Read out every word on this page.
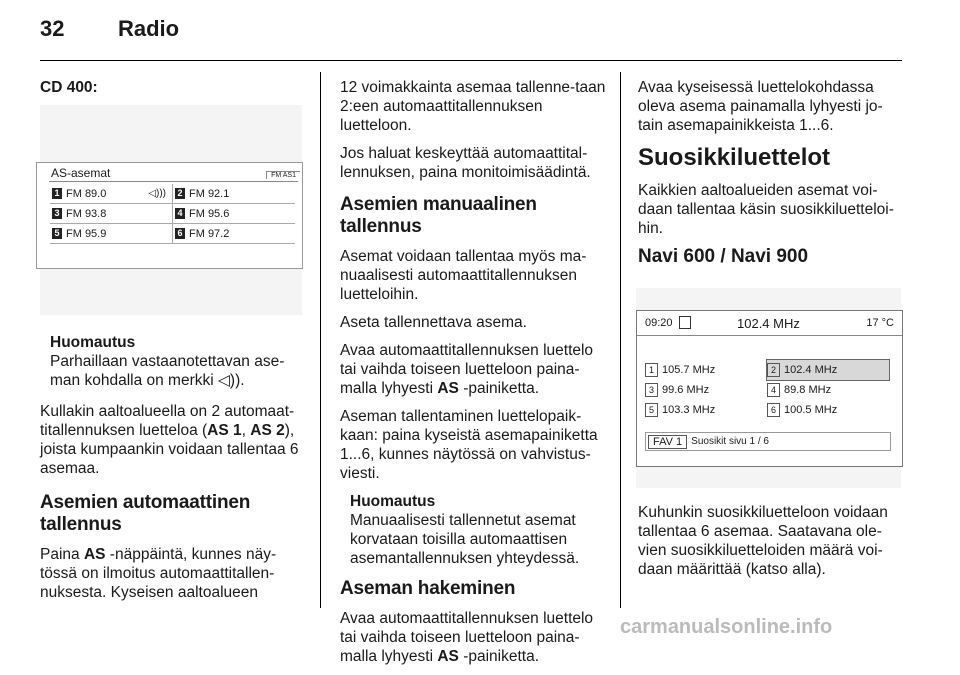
32 Radio

CD 400:

AS-asemat	FM AS1
1 FM 89.0	◁))) 2 FM 92.1
3 FM 93.8	4 FM 95.6
5 FM 95.9	6 FM 97.2
Huomautus
Parhaillaan vastaanotettavan ase-man kohdalla on merkki ◁)).

Kullakin aaltoalueella on 2 automaat-titallennuksen luetteloa (AS 1, AS 2), joista kumpaankin voidaan tallentaa 6 asemaa.

Asemien automaattinen tallennus

Paina AS -näppäintä, kunnes näy-tössä on ilmoitus automaattitallen-nuksesta. Kyseisen aaltoalueen

12 voimakkainta asemaa tallenne-taan 2:een automaattitallennuksen luetteloon.

Jos haluat keskeyttää automaattital-lennuksen, paina monitoimisäädintä.

Asemien manuaalinen tallennus

Asemat voidaan tallentaa myös ma-nuaalisesti automaattitallennuksen luetteloihin.

Aseta tallennettava asema.

Avaa automaattitallennuksen luettelo tai vaihda toiseen luetteloon paina-malla lyhyesti AS -painiketta.

Aseman tallentaminen luettelopaik-kaan: paina kyseistä asemapainiketta 1...6, kunnes näytössä on vahvistus-viesti.

Huomautus
Manuaalisesti tallennetut asemat korvataan toisilla automaattisen asemantallennuksen yhteydessä.

Aseman hakeminen

Avaa automaattitallennuksen luettelo tai vaihda toiseen luetteloon paina-malla lyhyesti AS -painiketta.

Avaa kyseisessä luettelokohdassa oleva asema painamalla lyhyesti jo-tain asemapainikkeista 1...6.

Suosikkiluettelot

Kaikkien aaltoalueiden asemat voi-daan tallentaa käsin suosikkiluetteloi-hin.

Navi 600 / Navi 900

09:20	102.4 MHz	17 °C
1 105.7 MHz	2 102.4 MHz
3 99.6 MHz	4 89.8 MHz
5 103.3 MHz	6 100.5 MHz
FAV 1 Suosikit sivu 1 / 6

Kuhunkin suosikkiluetteloon voidaan tallentaa 6 asemaa. Saatavana ole-vien suosikkiluetteloiden määrä voi-daan määrittää (katso alla).

carmanualsonline.info
